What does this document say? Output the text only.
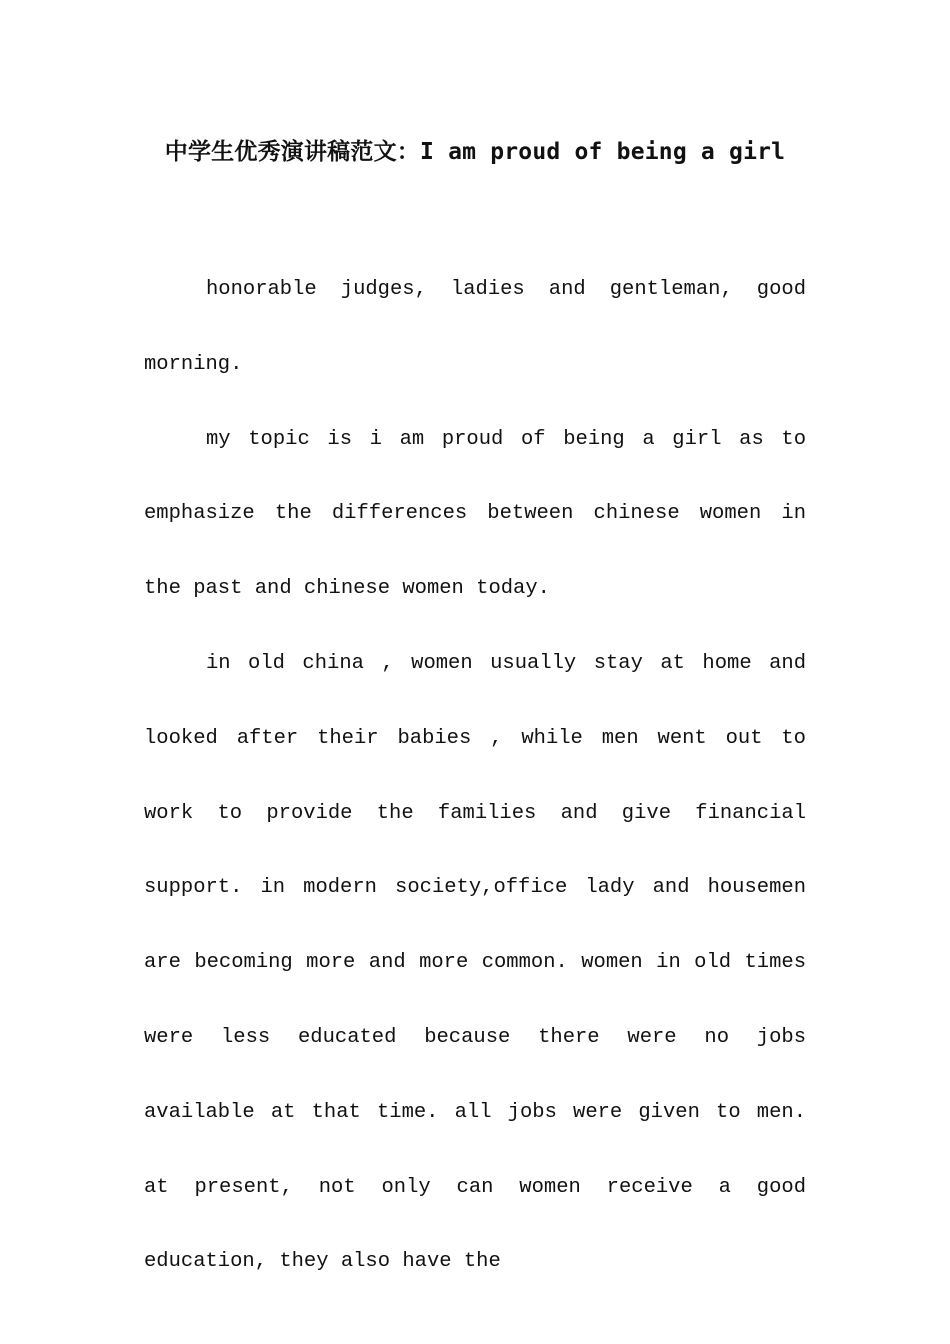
中学生优秀演讲稿范文：I am proud of being a girl

honorable judges, ladies and gentleman, good morning.

my topic is i am proud of being a girl as to emphasize the differences between chinese women in the past and chinese women today.

in old china , women usually stay at home and looked after their babies , while men went out to work to provide the families and give financial support. in modern society,office lady and housemen are becoming more and more common. women in old times were less educated because there were no jobs available at that time. all jobs were given to men. at present, not only can women receive a good education, they also have the
